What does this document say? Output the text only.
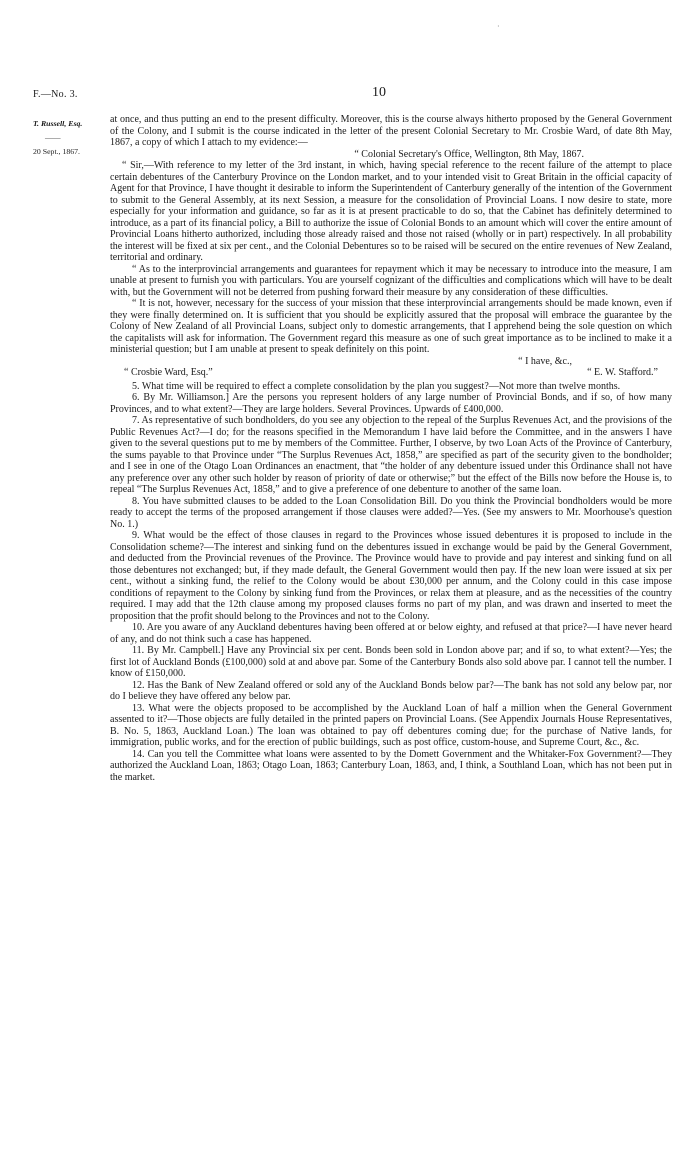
·
F.—No. 3.	10
T. Russell, Esq.
——
20 Sept., 1867.

at once, and thus putting an end to the present difficulty. Moreover, this is the course always hitherto proposed by the General Government of the Colony, and I submit is the course indicated in the letter of the present Colonial Secretary to Mr. Crosbie Ward, of date 8th May, 1867, a copy of which I attach to my evidence:—

“ Colonial Secretary's Office, Wellington, 8th May, 1867.

“ Sir,—With reference to my letter of the 3rd instant, in which, having special reference to the recent failure of the attempt to place certain debentures of the Canterbury Province on the London market, and to your intended visit to Great Britain in the official capacity of Agent for that Province, I have thought it desirable to inform the Superintendent of Canterbury generally of the intention of the Government to submit to the General Assembly, at its next Session, a measure for the consolidation of Provincial Loans. I now desire to state, more especially for your information and guidance, so far as it is at present practicable to do so, that the Cabinet has definitely determined to introduce, as a part of its financial policy, a Bill to authorize the issue of Colonial Bonds to an amount which will cover the entire amount of Provincial Loans hitherto authorized, including those already raised and those not raised (wholly or in part) respectively. In all probability the interest will be fixed at six per cent., and the Colonial Debentures so to be raised will be secured on the entire revenues of New Zealand, territorial and ordinary.

“ As to the interprovincial arrangements and guarantees for repayment which it may be necessary to introduce into the measure, I am unable at present to furnish you with particulars. You are yourself cognizant of the difficulties and complications which will have to be dealt with, but the Government will not be deterred from pushing forward their measure by any consideration of these difficulties.

“ It is not, however, necessary for the success of your mission that these interprovincial arrangements should be made known, even if they were finally determined on. It is sufficient that you should be explicitly assured that the proposal will embrace the guarantee by the Colony of New Zealand of all Provincial Loans, subject only to domestic arrangements, that I apprehend being the sole question on which the capitalists will ask for information. The Government regard this measure as one of such great importance as to be inclined to make it a ministerial question; but I am unable at present to speak definitely on this point.

“ I have, &c.,

“ Crosbie Ward, Esq.”	“ E. W. Stafford.”

5. What time will be required to effect a complete consolidation by the plan you suggest?—Not more than twelve months.

6. By Mr. Williamson.] Are the persons you represent holders of any large number of Provincial Bonds, and if so, of how many Provinces, and to what extent?—They are large holders. Several Provinces. Upwards of £400,000.

7. As representative of such bondholders, do you see any objection to the repeal of the Surplus Revenues Act, and the provisions of the Public Revenues Act?—I do; for the reasons specified in the Memorandum I have laid before the Committee, and in the answers I have given to the several questions put to me by members of the Committee. Further, I observe, by two Loan Acts of the Province of Canterbury, the sums payable to that Province under “The Surplus Revenues Act, 1858,” are specified as part of the security given to the bondholder; and I see in one of the Otago Loan Ordinances an enactment, that “the holder of any debenture issued under this Ordinance shall not have any preference over any other such holder by reason of priority of date or otherwise;” but the effect of the Bills now before the House is, to repeal “The Surplus Revenues Act, 1858,” and to give a preference of one debenture to another of the same loan.

8. You have submitted clauses to be added to the Loan Consolidation Bill. Do you think the Provincial bondholders would be more ready to accept the terms of the proposed arrangement if those clauses were added?—Yes. (See my answers to Mr. Moorhouse's question No. 1.)

9. What would be the effect of those clauses in regard to the Provinces whose issued debentures it is proposed to include in the Consolidation scheme?—The interest and sinking fund on the debentures issued in exchange would be paid by the General Government, and deducted from the Provincial revenues of the Province. The Province would have to provide and pay interest and sinking fund on all those debentures not exchanged; but, if they made default, the General Government would then pay. If the new loan were issued at six per cent., without a sinking fund, the relief to the Colony would be about £30,000 per annum, and the Colony could in this case impose conditions of repayment to the Colony by sinking fund from the Provinces, or relax them at pleasure, and as the necessities of the country required. I may add that the 12th clause among my proposed clauses forms no part of my plan, and was drawn and inserted to meet the proposition that the profit should belong to the Provinces and not to the Colony.

10. Are you aware of any Auckland debentures having been offered at or below eighty, and refused at that price?—I have never heard of any, and do not think such a case has happened.

11. By Mr. Campbell.] Have any Provincial six per cent. Bonds been sold in London above par; and if so, to what extent?—Yes; the first lot of Auckland Bonds (£100,000) sold at and above par. Some of the Canterbury Bonds also sold above par. I cannot tell the number. I know of £150,000.

12. Has the Bank of New Zealand offered or sold any of the Auckland Bonds below par?—The bank has not sold any below par, nor do I believe they have offered any below par.

13. What were the objects proposed to be accomplished by the Auckland Loan of half a million when the General Government assented to it?—Those objects are fully detailed in the printed papers on Provincial Loans. (See Appendix Journals House Representatives, B. No. 5, 1863, Auckland Loan.) The loan was obtained to pay off debentures coming due; for the purchase of Native lands, for immigration, public works, and for the erection of public buildings, such as post office, custom-house, and Supreme Court, &c., &c.

14. Can you tell the Committee what loans were assented to by the Domett Government and the Whitaker-Fox Government?—They authorized the Auckland Loan, 1863; Otago Loan, 1863; Canterbury Loan, 1863, and, I think, a Southland Loan, which has not been put in the market.
